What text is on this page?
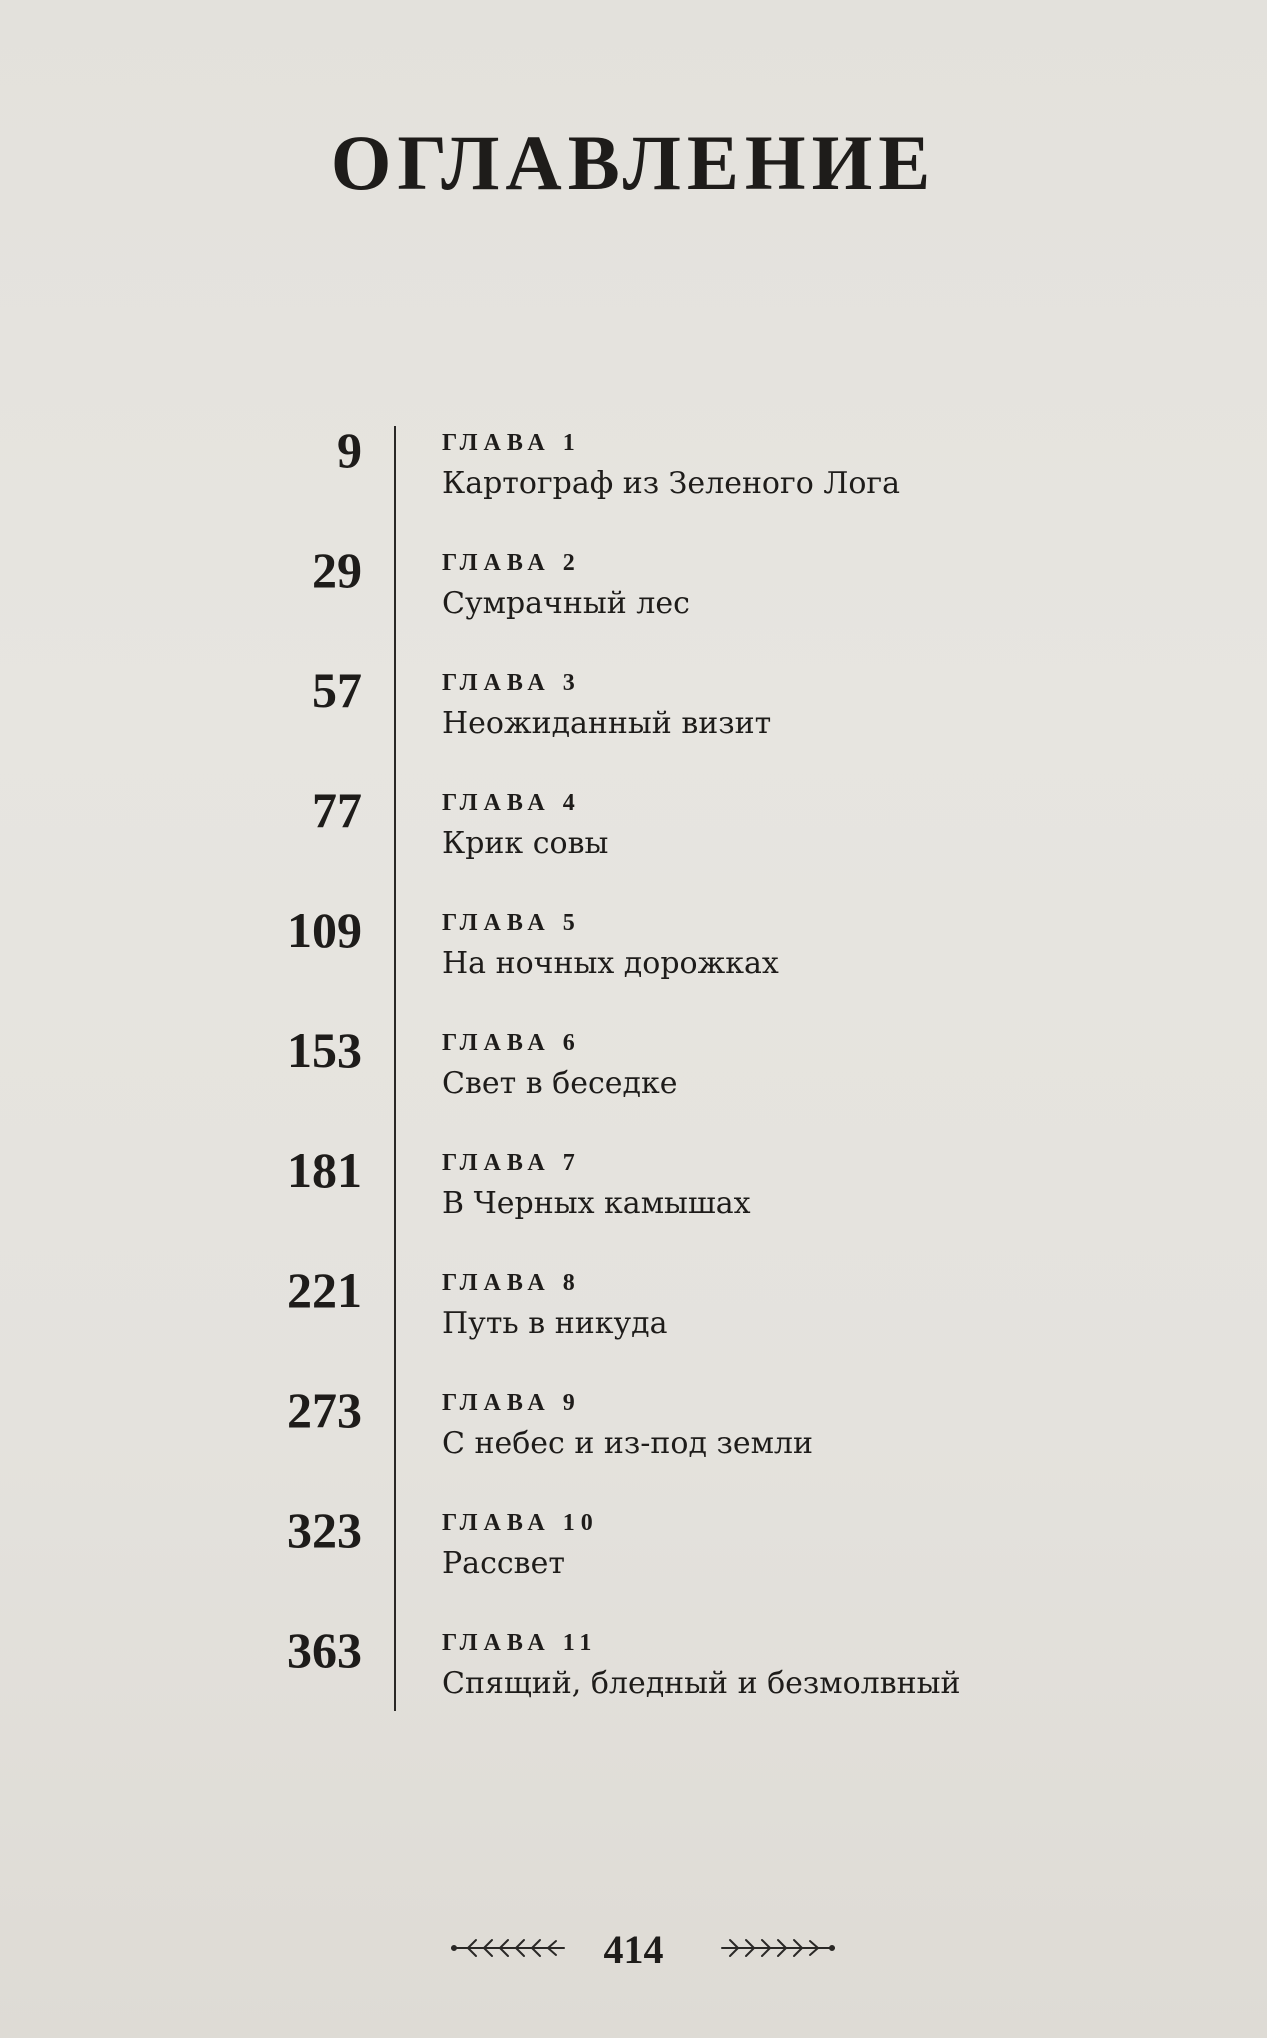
ОГЛАВЛЕНИЕ
9	ГЛАВА 1
Картограф из Зеленого Лога
29	ГЛАВА 2
Сумрачный лес
57	ГЛАВА 3
Неожиданный визит
77	ГЛАВА 4
Крик совы
109	ГЛАВА 5
На ночных дорожках
153	ГЛАВА 6
Свет в беседке
181	ГЛАВА 7
В Черных камышах
221	ГЛАВА 8
Путь в никуда
273	ГЛАВА 9
С небес и из-под земли
323	ГЛАВА 10
Рассвет
363	ГЛАВА 11
Спящий, бледный и безмолвный
414
